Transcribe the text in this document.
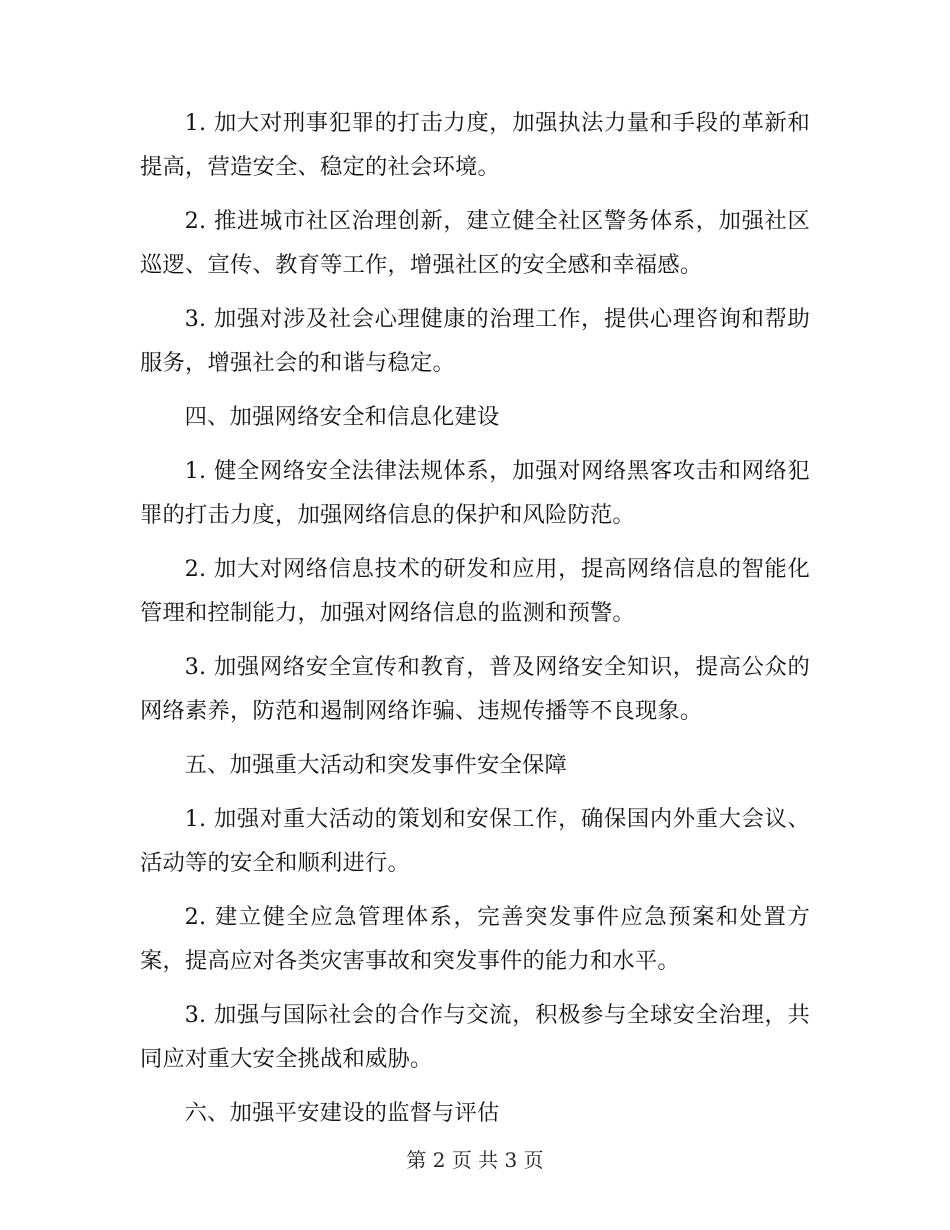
1. 加大对刑事犯罪的打击力度，加强执法力量和手段的革新和提高，营造安全、稳定的社会环境。

2. 推进城市社区治理创新，建立健全社区警务体系，加强社区巡逻、宣传、教育等工作，增强社区的安全感和幸福感。

3. 加强对涉及社会心理健康的治理工作，提供心理咨询和帮助服务，增强社会的和谐与稳定。

四、加强网络安全和信息化建设

1. 健全网络安全法律法规体系，加强对网络黑客攻击和网络犯罪的打击力度，加强网络信息的保护和风险防范。

2. 加大对网络信息技术的研发和应用，提高网络信息的智能化管理和控制能力，加强对网络信息的监测和预警。

3. 加强网络安全宣传和教育，普及网络安全知识，提高公众的网络素养，防范和遏制网络诈骗、违规传播等不良现象。

五、加强重大活动和突发事件安全保障

1. 加强对重大活动的策划和安保工作，确保国内外重大会议、活动等的安全和顺利进行。

2. 建立健全应急管理体系，完善突发事件应急预案和处置方案，提高应对各类灾害事故和突发事件的能力和水平。

3. 加强与国际社会的合作与交流，积极参与全球安全治理，共同应对重大安全挑战和威胁。

六、加强平安建设的监督与评估

第 2 页 共 3 页
